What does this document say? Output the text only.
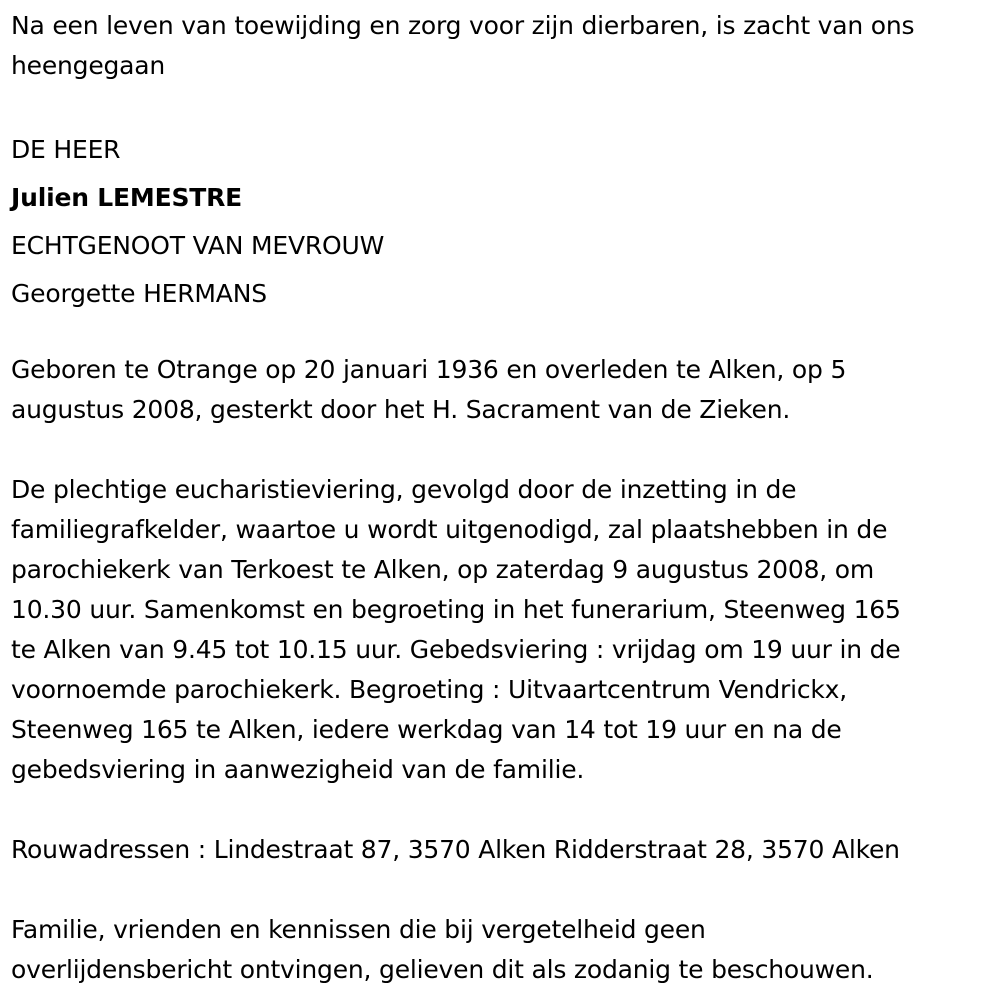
Na een leven van toewijding en zorg voor zijn dierbaren, is zacht van ons
heengegaan

DE HEER
Julien LEMESTRE
ECHTGENOOT VAN MEVROUW
Georgette HERMANS

Geboren te Otrange op 20 januari 1936 en overleden te Alken, op 5
augustus 2008, gesterkt door het H. Sacrament van de Zieken.

De plechtige eucharistieviering, gevolgd door de inzetting in de
familiegrafkelder, waartoe u wordt uitgenodigd, zal plaatshebben in de
parochiekerk van Terkoest te Alken, op zaterdag 9 augustus 2008, om
10.30 uur. Samenkomst en begroeting in het funerarium, Steenweg 165
te Alken van 9.45 tot 10.15 uur. Gebedsviering : vrijdag om 19 uur in de
voornoemde parochiekerk. Begroeting : Uitvaartcentrum Vendrickx,
Steenweg 165 te Alken, iedere werkdag van 14 tot 19 uur en na de
gebedsviering in aanwezigheid van de familie.

Rouwadressen : Lindestraat 87, 3570 Alken Ridderstraat 28, 3570 Alken

Familie, vrienden en kennissen die bij vergetelheid geen
overlijdensbericht ontvingen, gelieven dit als zodanig te beschouwen.
